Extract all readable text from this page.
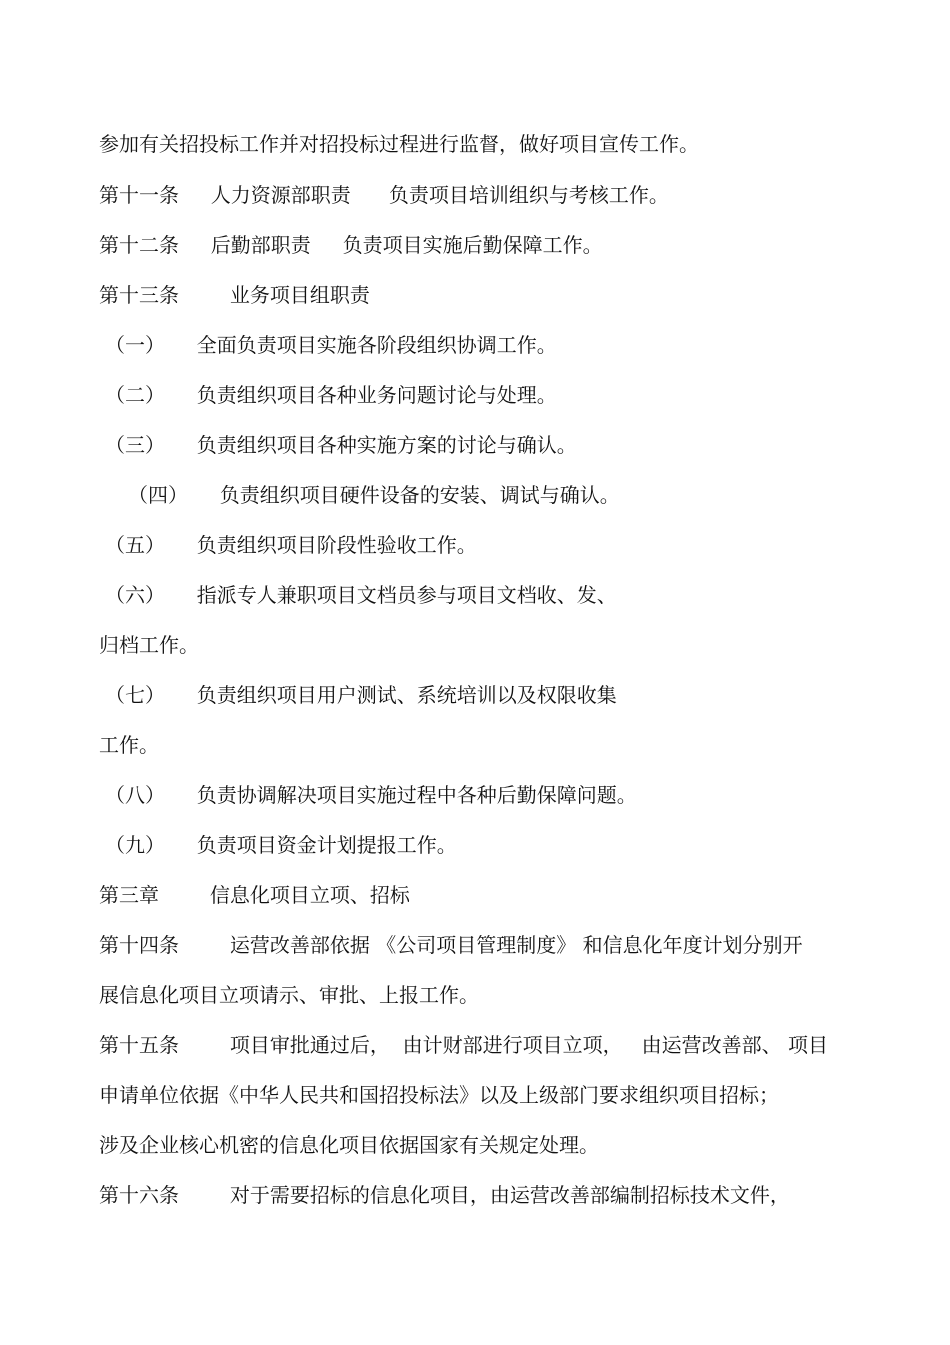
参加有关招投标工作并对招投标过程进行监督，做好项目宣传工作。
第十一条     人力资源部职责      负责项目培训组织与考核工作。
第十二条     后勤部职责     负责项目实施后勤保障工作。
第十三条        业务项目组职责
（一）     全面负责项目实施各阶段组织协调工作。
（二）     负责组织项目各种业务问题讨论与处理。
（三）     负责组织项目各种实施方案的讨论与确认。
（四）     负责组织项目硬件设备的安装、调试与确认。
（五）     负责组织项目阶段性验收工作。
（六）     指派专人兼职项目文档员参与项目文档收、发、
归档工作。
（七）     负责组织项目用户测试、系统培训以及权限收集
工作。
（八）     负责协调解决项目实施过程中各种后勤保障问题。
（九）     负责项目资金计划提报工作。
第三章        信息化项目立项、招标
第十四条        运营改善部依据 《公司项目管理制度》 和信息化年度计划分别开
展信息化项目立项请示、审批、上报工作。
第十五条        项目审批通过后，  由计财部进行项目立项，   由运营改善部、 项目
申请单位依据《中华人民共和国招投标法》以及上级部门要求组织项目招标；
涉及企业核心机密的信息化项目依据国家有关规定处理。
第十六条        对于需要招标的信息化项目，由运营改善部编制招标技术文件，
